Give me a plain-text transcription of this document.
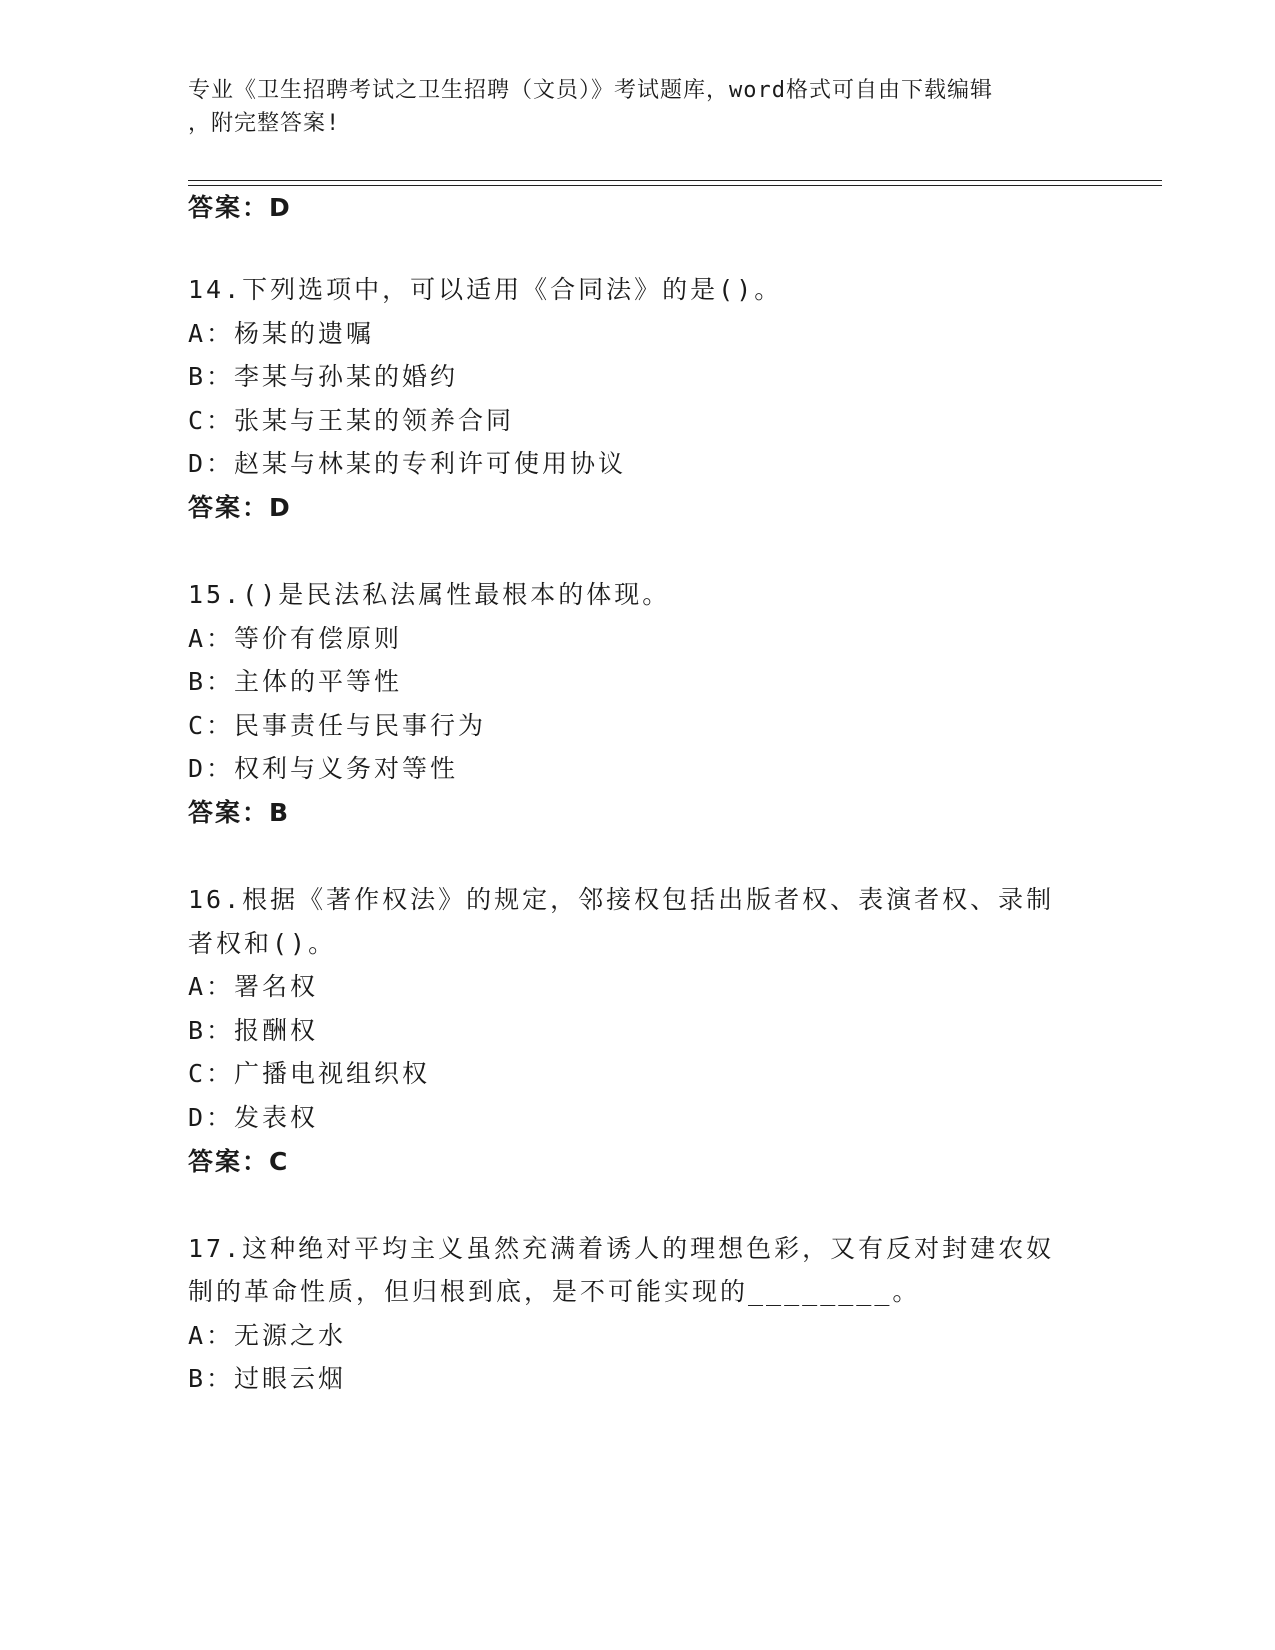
专业《卫生招聘考试之卫生招聘（文员）》考试题库，word格式可自由下载编辑
，附完整答案!
答案：D
14.下列选项中，可以适用《合同法》的是()。
A：杨某的遗嘱
B：李某与孙某的婚约
C：张某与王某的领养合同
D：赵某与林某的专利许可使用协议
答案：D
15.()是民法私法属性最根本的体现。
A：等价有偿原则
B：主体的平等性
C：民事责任与民事行为
D：权利与义务对等性
答案：B
16.根据《著作权法》的规定，邻接权包括出版者权、表演者权、录制
者权和()。
A：署名权
B：报酬权
C：广播电视组织权
D：发表权
答案：C
17.这种绝对平均主义虽然充满着诱人的理想色彩，又有反对封建农奴
制的革命性质，但归根到底，是不可能实现的________。
A：无源之水
B：过眼云烟
